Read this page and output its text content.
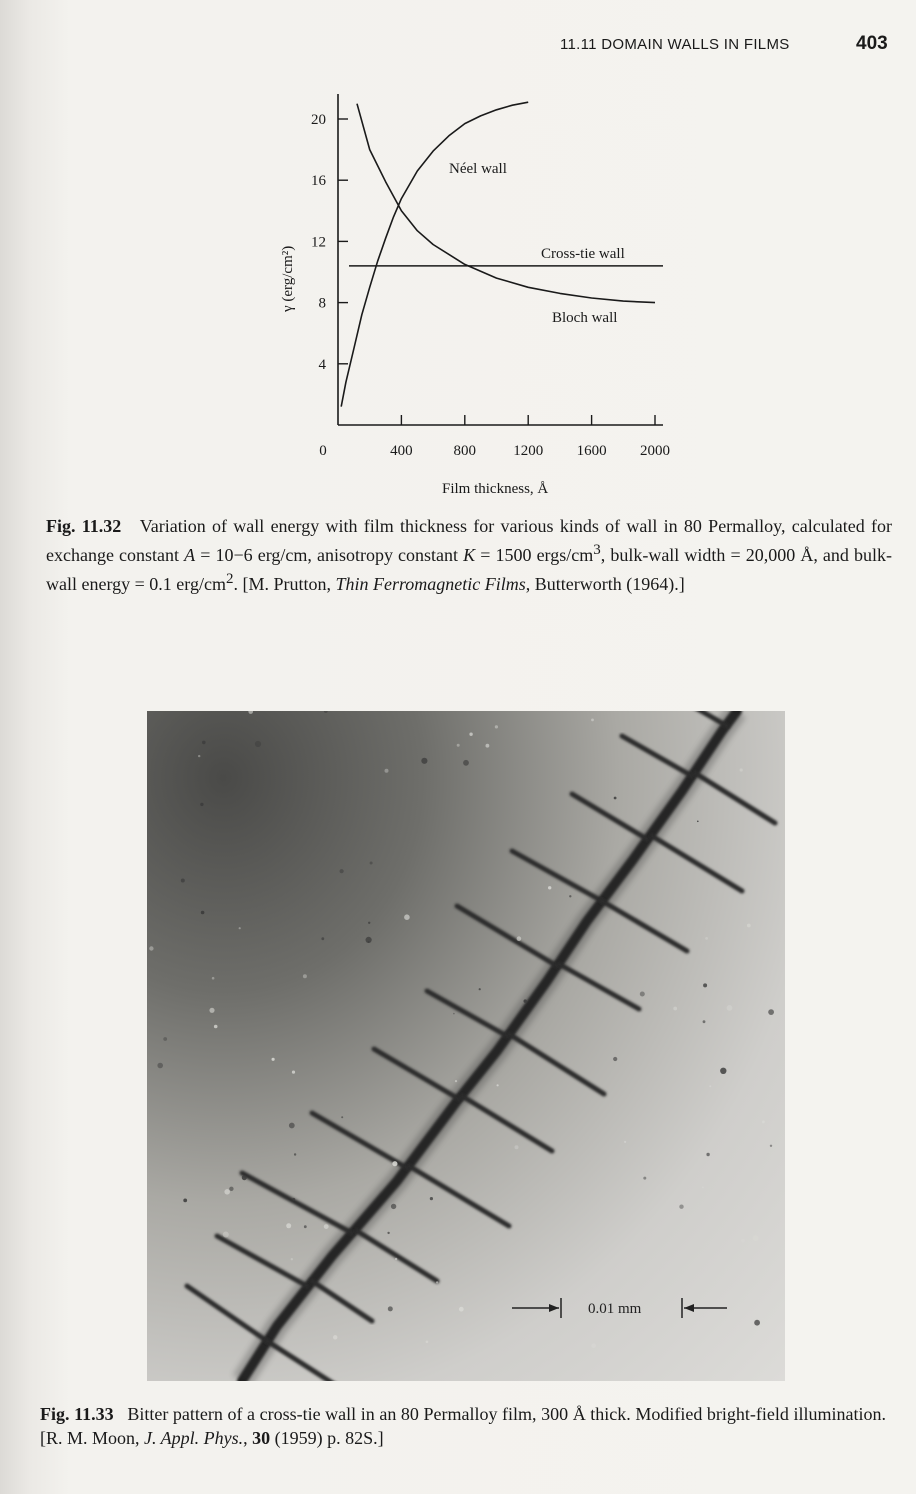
11.11 DOMAIN WALLS IN FILMS	403
4
8
12
16
20
0	400	800 1200 1600 2000
Néel wall
Cross-tie wall
Bloch wall
Film thickness, Å
γ (erg/cm²)
Fig. 11.32 Variation of wall energy with film thickness for various kinds of wall in 80 Permalloy, calculated for exchange constant A = 10−6 erg/cm, anisotropy constant K = 1500 ergs/$cm^3$, bulk-wall width = 20,000 Å, and bulk-wall energy = 0.1 erg/$cm^2$. [M. Prutton, Thin Ferromagnetic Films, Butterworth (1964).]
0.01 mm
Fig. 11.33 Bitter pattern of a cross-tie wall in an 80 Permalloy film, 300 Å thick. Modified bright-field illumination. [R. M. Moon, J. Appl. Phys., 30 (1959) p. 82S.]
